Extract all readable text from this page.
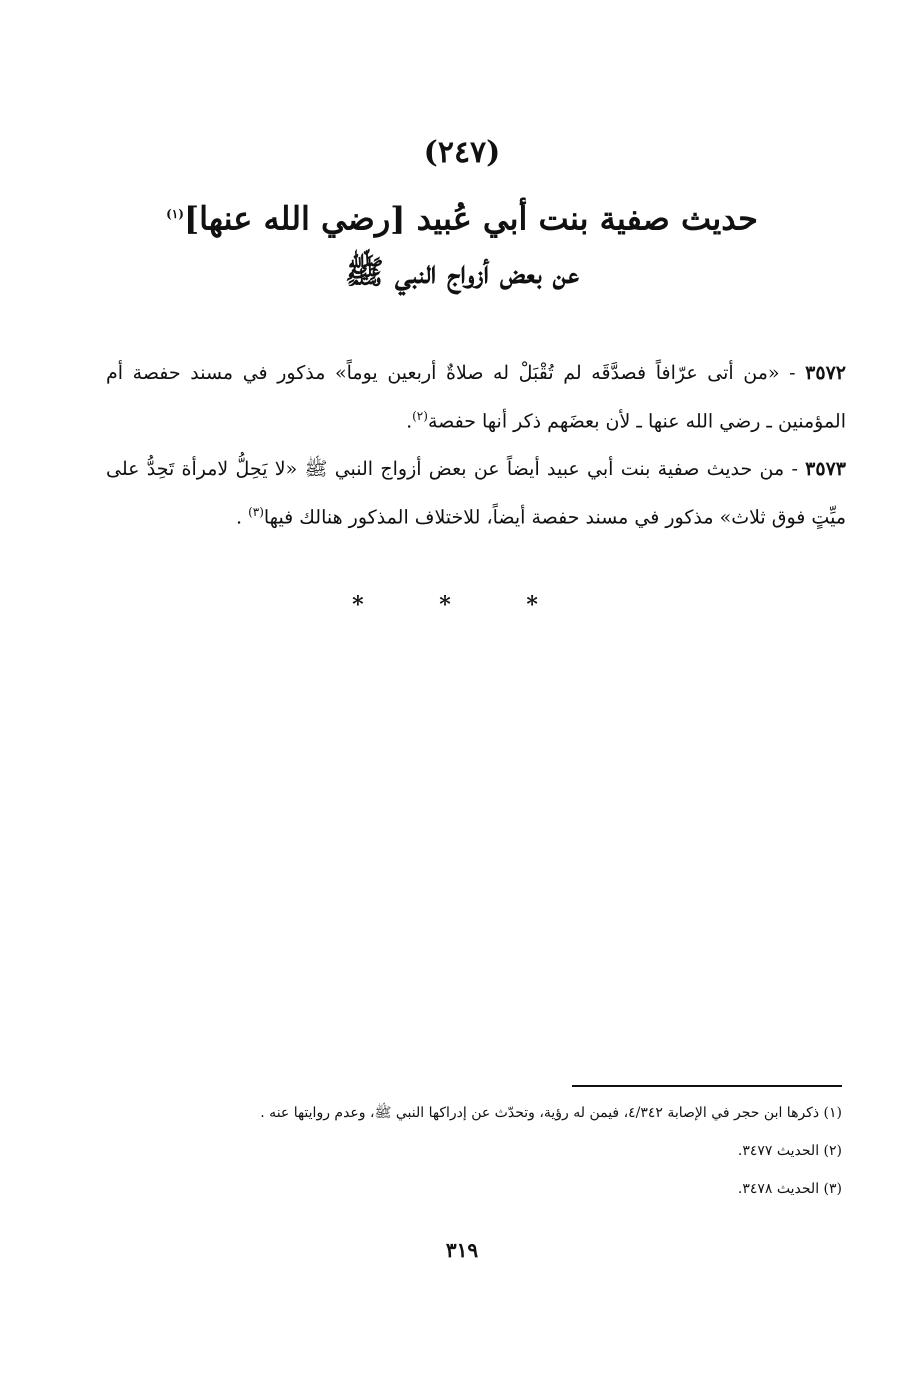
(٢٤٧)
حديث صفية بنت أبي عُبيد [رضي الله عنها]$^{(١)}$
عن بعض أزواج النبي ﷺ
٣٥٧٢ - «من أتى عرّافاً فصدَّقَه لم تُقْبَلْ له صلاةٌ أربعين يوماً» مذكور في مسند حفصة أم المؤمنين ـ رضي الله عنها ـ لأن بعضَهم ذكر أنها حفصة$^{(٢)}$.
٣٥٧٣ - من حديث صفية بنت أبي عبيد أيضاً عن بعض أزواج النبي ﷺ «لا يَحِلُّ لامرأة تَحِدُّ على ميِّتٍ فوق ثلاث» مذكور في مسند حفصة أيضاً، للاختلاف المذكور هنالك فيها$^{(٣)}$ .
* * *
(١) ذكرها ابن حجر في الإصابة ٤/٣٤٢، فيمن له رؤية، وتحدّث عن إدراكها النبي ﷺ، وعدم روايتها عنه .
(٢) الحديث ٣٤٧٧.
(٣) الحديث ٣٤٧٨.
٣١٩
